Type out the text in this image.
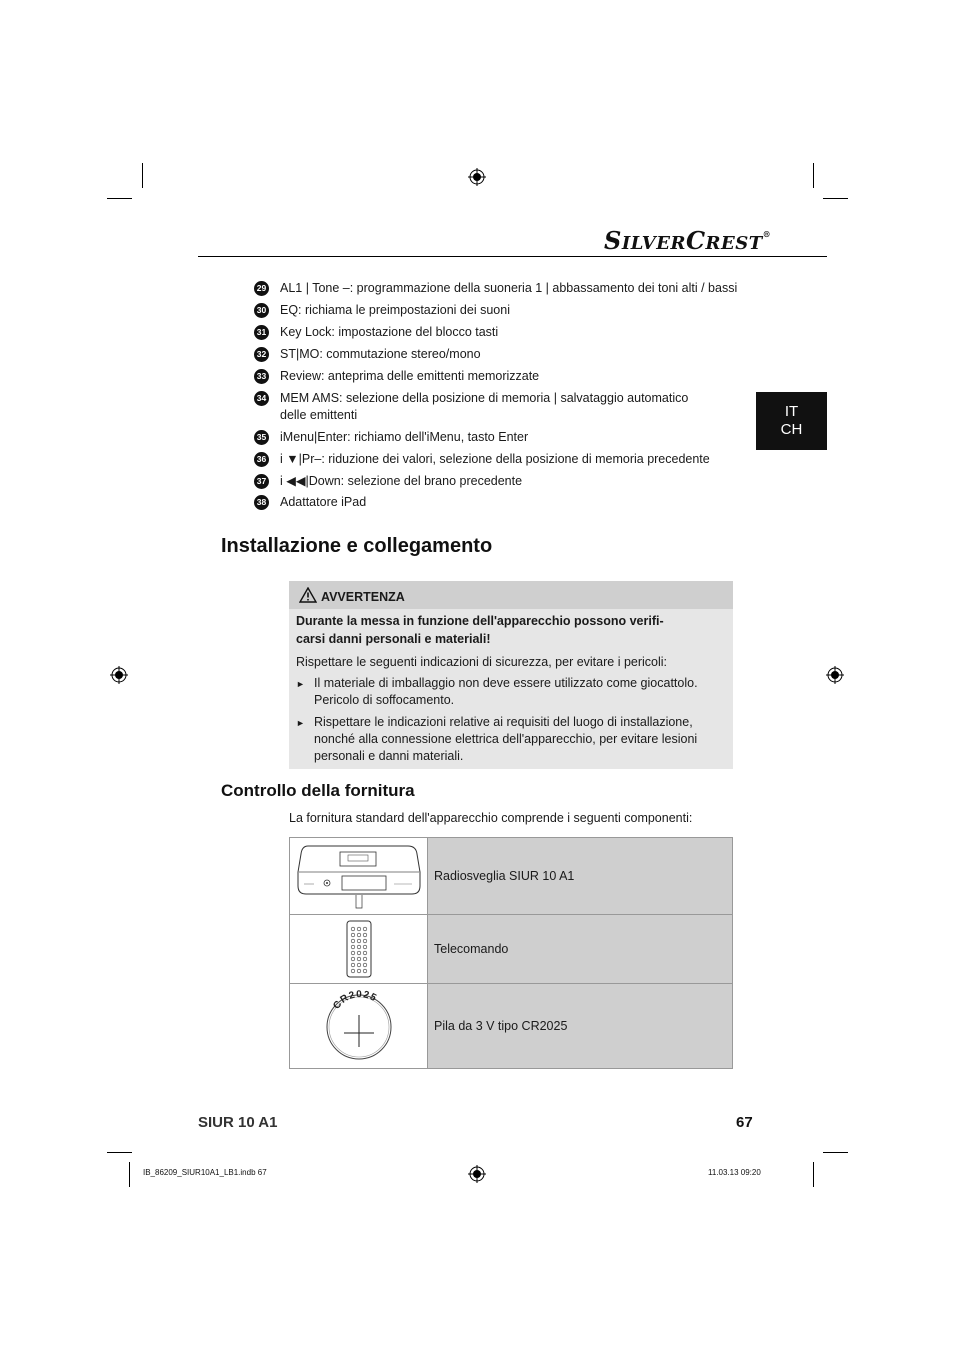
SILVERCREST®
IT
CH
29 AL1 | Tone –: programmazione della suoneria 1 | abbassamento dei toni alti / bassi
30 EQ: richiama le preimpostazioni dei suoni
31 Key Lock: impostazione del blocco tasti
32 ST|MO: commutazione stereo/mono
33 Review: anteprima delle emittenti memorizzate
34 MEM AMS: selezione della posizione di memoria | salvataggio automatico
delle emittenti
35 iMenu|Enter: richiamo dell'iMenu, tasto Enter
36 i ▼|Pr–: riduzione dei valori, selezione della posizione di memoria precedente
37 i ◀◀|Down: selezione del brano precedente
38 Adattatore iPad
Installazione e collegamento
AVVERTENZA
Durante la messa in funzione dell'apparecchio possono verifi-
carsi danni personali e materiali!
Rispettare le seguenti indicazioni di sicurezza, per evitare i pericoli:
► Il materiale di imballaggio non deve essere utilizzato come giocattolo.
Pericolo di soffocamento.
► Rispettare le indicazioni relative ai requisiti del luogo di installazione,
nonché alla connessione elettrica dell'apparecchio, per evitare lesioni
personali e danni materiali.
Controllo della fornitura
La fornitura standard dell'apparecchio comprende i seguenti componenti:
Radiosveglia SIUR 10 A1
Telecomando
CR2025
Pila da 3 V tipo CR2025
SIUR 10 A1	67
IB_86209_SIUR10A1_LB1.indb 67	11.03.13 09:20
